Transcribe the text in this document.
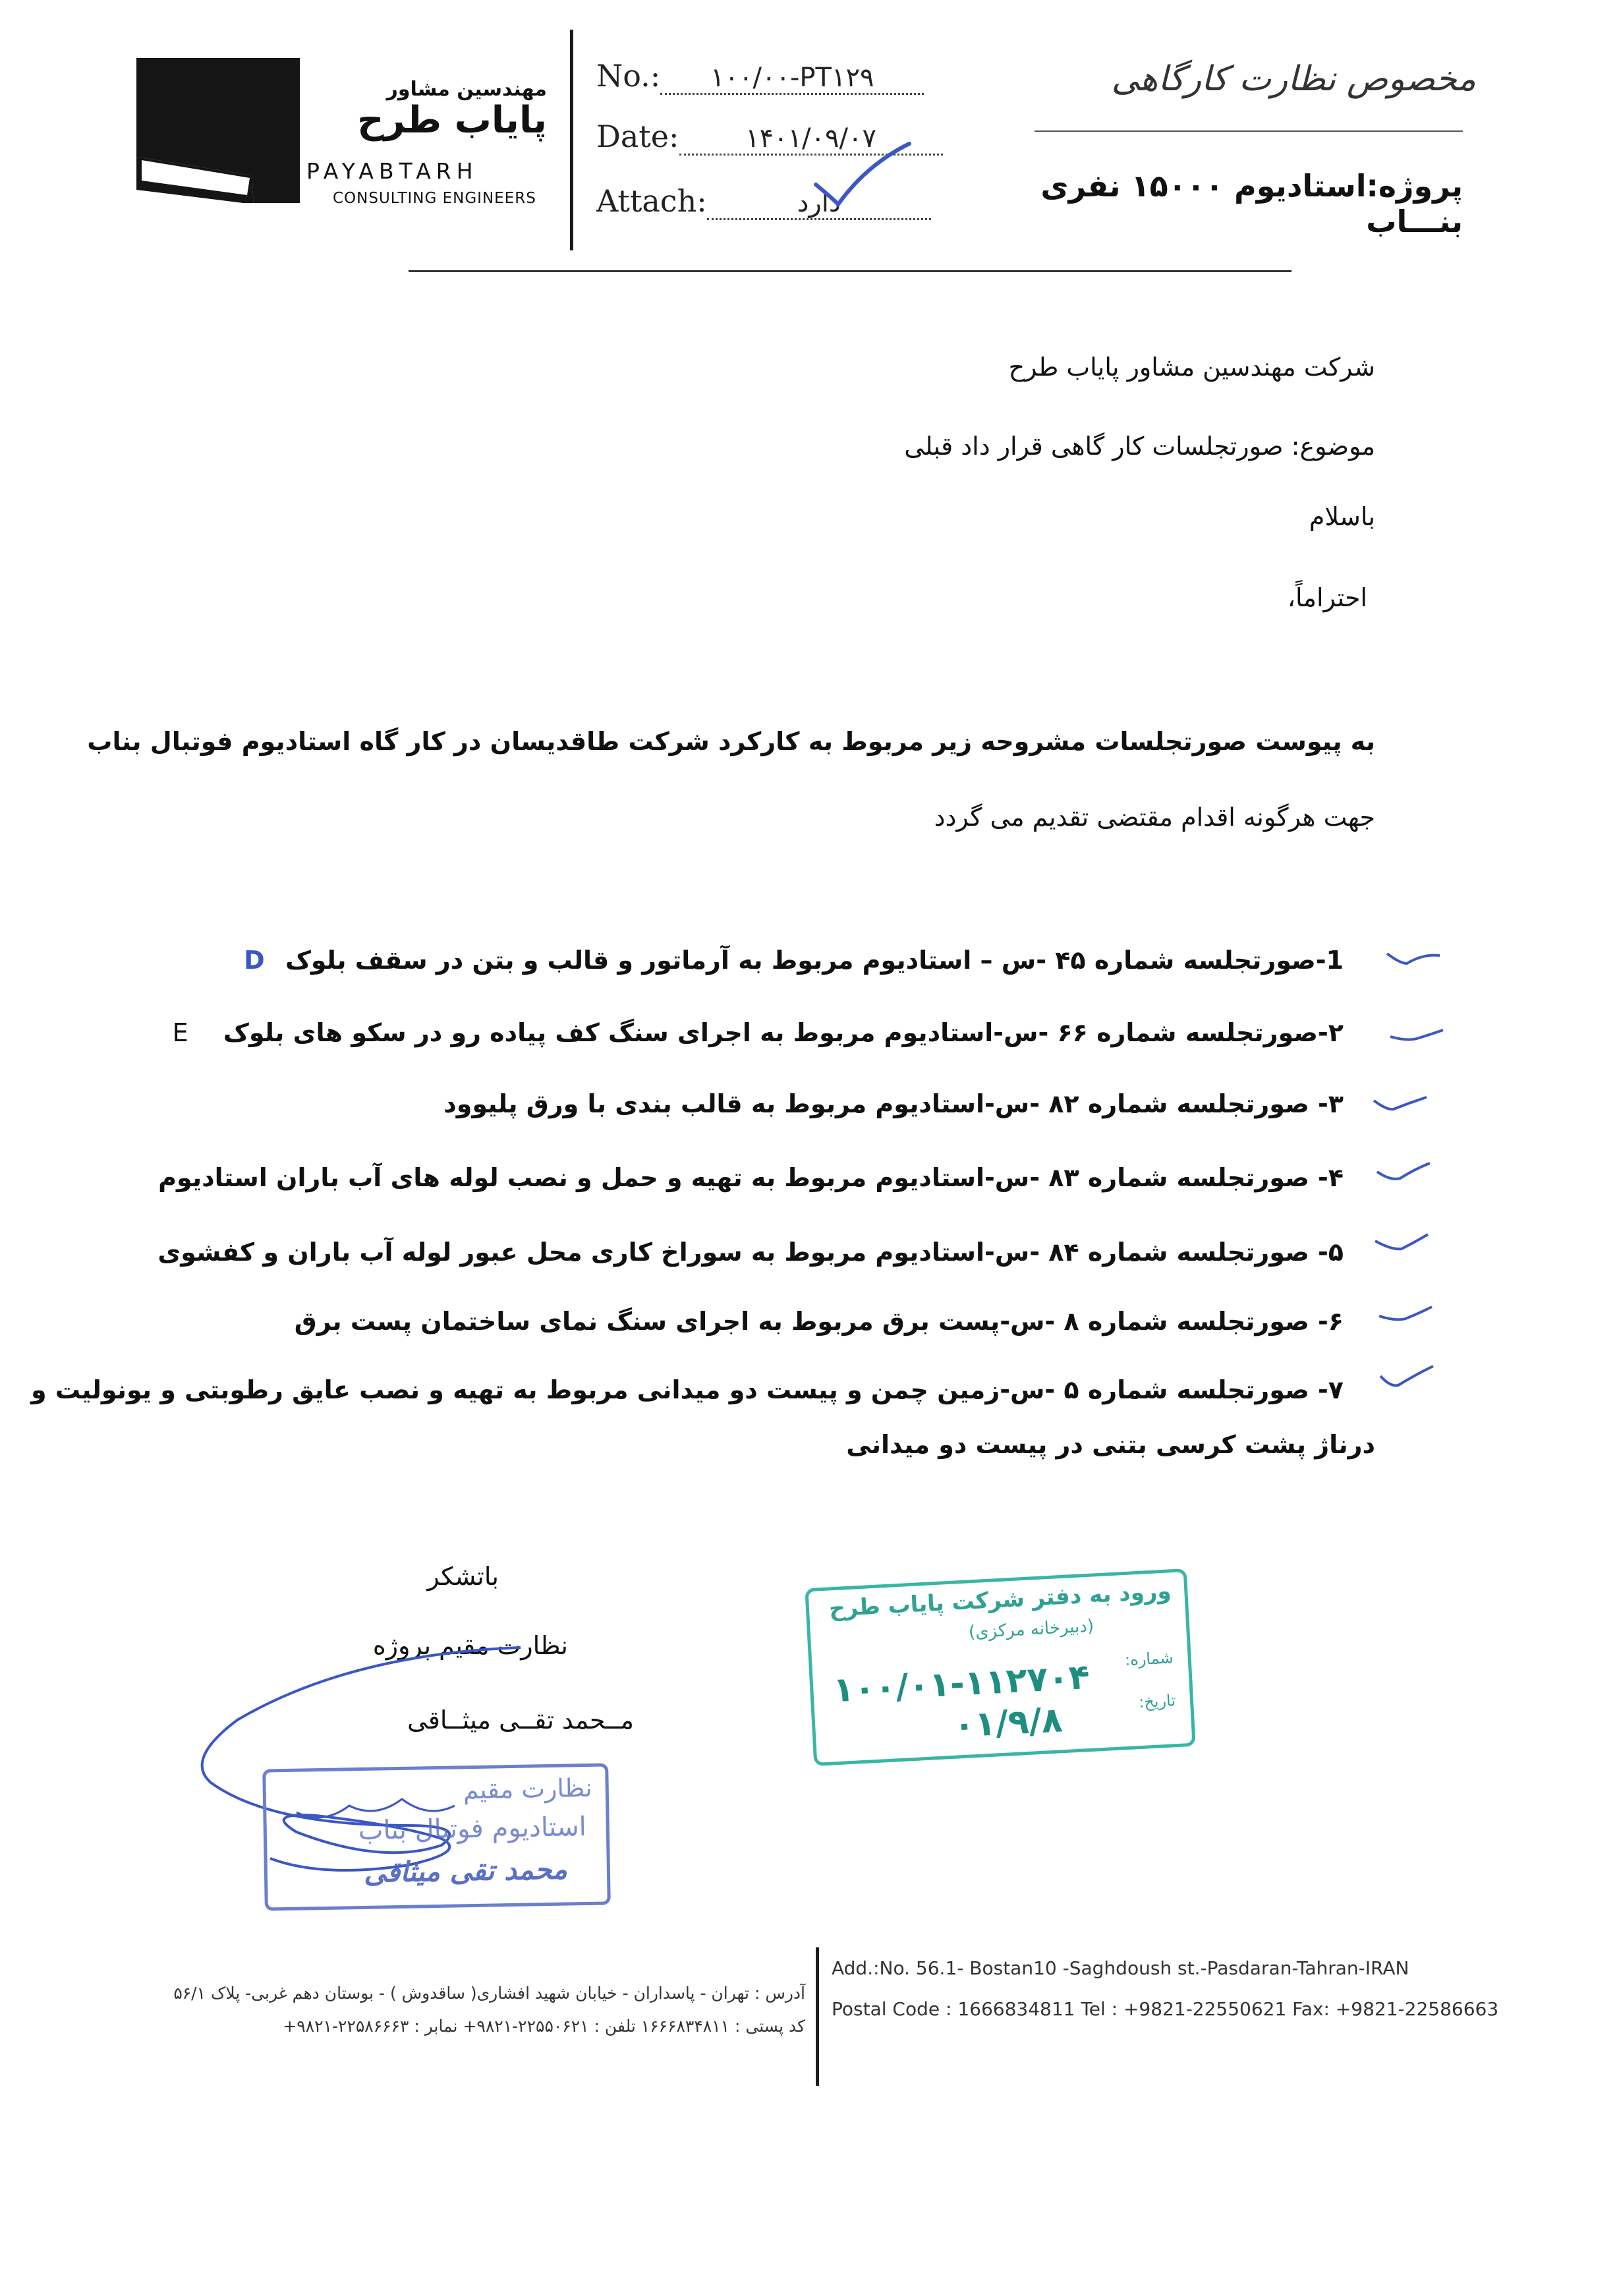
مهندسین مشاور
پایاب طرح
PAYABTARH
CONSULTING ENGINEERS
No.: ۱۰۰/۰۰-PT۱۲۹
Date:	۱۴۰۱/۰۹/۰۷
Attach:	دارد
مخصوص نظارت کارگاهی
پروژه:استادیوم ۱۵۰۰۰ نفری بنـــاب
شرکت مهندسین مشاور پایاب طرح
موضوع: صورتجلسات کار گاهی قرار داد قبلی
باسلام
احتراماً،
به پیوست صورتجلسات مشروحه زیر مربوط به کارکرد شرکت طاقدیسان در کار گاه استادیوم فوتبال بناب
جهت هرگونه اقدام مقتضی تقدیم می گردد
1-صورتجلسه شماره ۴۵ -س – استادیوم مربوط به آرماتور و قالب و بتن در سقف بلوک D
۲-صورتجلسه شماره ۶۶ -س-استادیوم مربوط به اجرای سنگ کف پیاده رو در سکو های بلوک E
۳- صورتجلسه شماره ۸۲ -س-استادیوم مربوط به قالب بندی با ورق پلیوود
۴- صورتجلسه شماره ۸۳ -س-استادیوم مربوط به تهیه و حمل و نصب لوله های آب باران استادیوم
۵- صورتجلسه شماره ۸۴ -س-استادیوم مربوط به سوراخ کاری محل عبور لوله آب باران و کفشوی
۶- صورتجلسه شماره ۸ -س-پست برق مربوط به اجرای سنگ نمای ساختمان پست برق
۷- صورتجلسه شماره ۵ -س-زمین چمن و پیست دو میدانی مربوط به تهیه و نصب عایق رطوبتی و یونولیت و
درناژ پشت کرسی بتنی در پیست دو میدانی
باتشکر
نظارت مقیم پروژه
مــحمد تقــی میثــاقی
ورود به دفتر شرکت پایاب طرح
(دبیرخانه مرکزی)
شماره:
تاریخ:
۱۰۰/۰۱-۱۱۲۷۰۴
۰۱/۹/۸
نظارت مقیم
استادیوم فوتبال بناب
محمد تقی میثاقی
آدرس : تهران - پاسداران - خیابان شهید افشاری( ساقدوش ) - بوستان دهم غربی- پلاک ۵۶/۱
کد پستی : ۱۶۶۶۸۳۴۸۱۱ تلفن : ۲۲۵۵۰۶۲۱-۹۸۲۱+ نمابر : ۲۲۵۸۶۶۶۳-۹۸۲۱+
Add.:No. 56.1- Bostan10 -Saghdoush st.-Pasdaran-Tahran-IRAN
Postal Code : 1666834811 Tel : +9821-22550621 Fax: +9821-22586663
